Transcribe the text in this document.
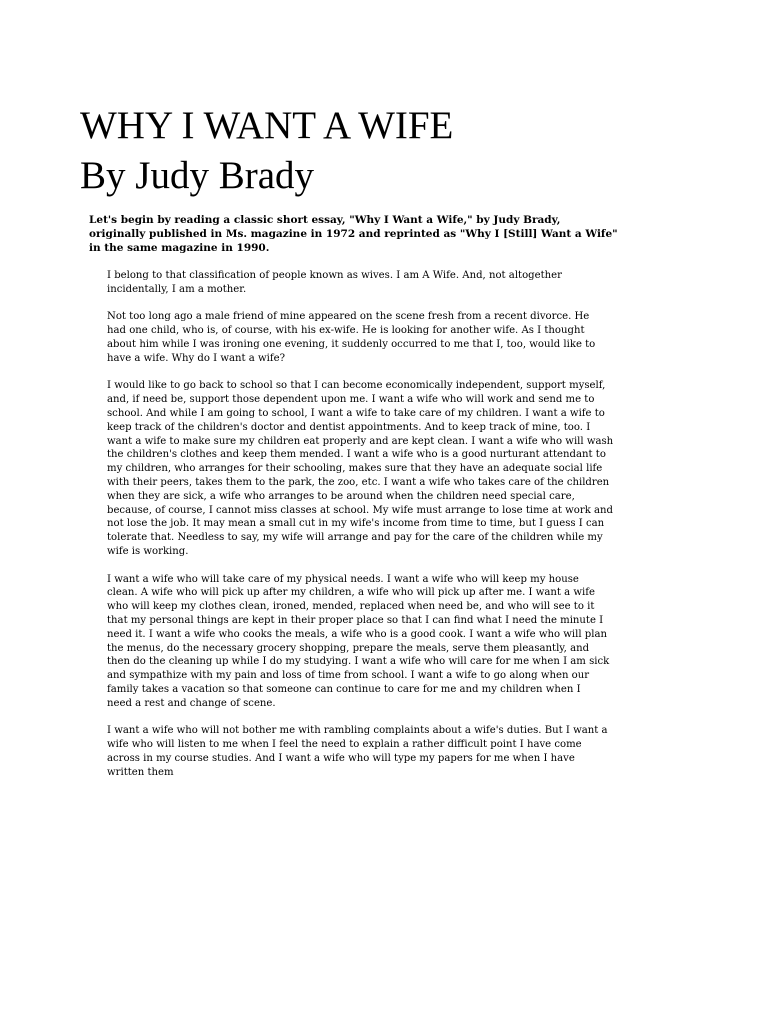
WHY I WANT A WIFE
By Judy Brady

Let's begin by reading a classic short essay, "Why I Want a Wife," by Judy Brady,
originally published in Ms. magazine in 1972 and reprinted as "Why I [Still] Want a Wife"
in the same magazine in 1990.

I belong to that classification of people known as wives. I am A Wife. And, not altogether
incidentally, I am a mother.

Not too long ago a male friend of mine appeared on the scene fresh from a recent divorce. He
had one child, who is, of course, with his ex-wife. He is looking for another wife. As I thought
about him while I was ironing one evening, it suddenly occurred to me that I, too, would like to
have a wife. Why do I want a wife?

I would like to go back to school so that I can become economically independent, support myself,
and, if need be, support those dependent upon me. I want a wife who will work and send me to
school. And while I am going to school, I want a wife to take care of my children. I want a wife to
keep track of the children's doctor and dentist appointments. And to keep track of mine, too. I
want a wife to make sure my children eat properly and are kept clean. I want a wife who will wash
the children's clothes and keep them mended. I want a wife who is a good nurturant attendant to
my children, who arranges for their schooling, makes sure that they have an adequate social life
with their peers, takes them to the park, the zoo, etc. I want a wife who takes care of the children
when they are sick, a wife who arranges to be around when the children need special care,
because, of course, I cannot miss classes at school. My wife must arrange to lose time at work and
not lose the job. It may mean a small cut in my wife's income from time to time, but I guess I can
tolerate that. Needless to say, my wife will arrange and pay for the care of the children while my
wife is working.

I want a wife who will take care of my physical needs. I want a wife who will keep my house
clean. A wife who will pick up after my children, a wife who will pick up after me. I want a wife
who will keep my clothes clean, ironed, mended, replaced when need be, and who will see to it
that my personal things are kept in their proper place so that I can find what I need the minute I
need it. I want a wife who cooks the meals, a wife who is a good cook. I want a wife who will plan
the menus, do the necessary grocery shopping, prepare the meals, serve them pleasantly, and
then do the cleaning up while I do my studying. I want a wife who will care for me when I am sick
and sympathize with my pain and loss of time from school. I want a wife to go along when our
family takes a vacation so that someone can continue to care for me and my children when I
need a rest and change of scene.

I want a wife who will not bother me with rambling complaints about a wife's duties. But I want a
wife who will listen to me when I feel the need to explain a rather difficult point I have come
across in my course studies. And I want a wife who will type my papers for me when I have
written them
